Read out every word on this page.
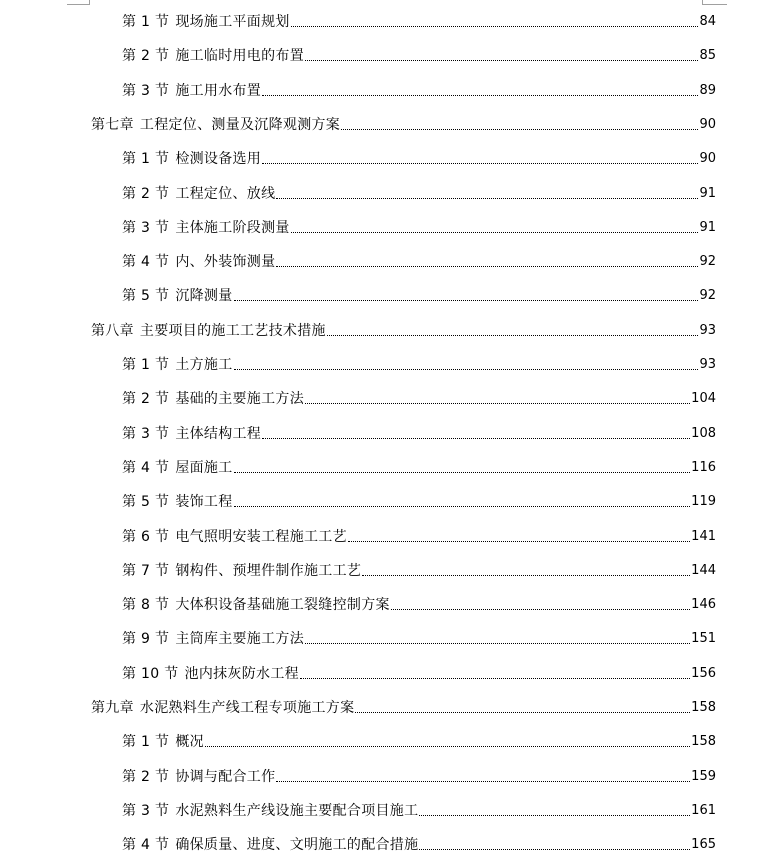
第 1 节 现场施工平面规划	84
第 2 节 施工临时用电的布置	85
第 3 节 施工用水布置	89
第七章 工程定位、测量及沉降观测方案	90
第 1 节 检测设备选用	90
第 2 节 工程定位、放线	91
第 3 节 主体施工阶段测量	91
第 4 节 内、外装饰测量	92
第 5 节 沉降测量	92
第八章 主要项目的施工工艺技术措施	93
第 1 节 土方施工	93
第 2 节 基础的主要施工方法	104
第 3 节 主体结构工程	108
第 4 节 屋面施工	116
第 5 节 装饰工程	119
第 6 节 电气照明安装工程施工工艺	141
第 7 节 钢构件、预埋件制作施工工艺	144
第 8 节 大体积设备基础施工裂缝控制方案	146
第 9 节 主筒库主要施工方法	151
第 10 节 池内抹灰防水工程	156
第九章 水泥熟料生产线工程专项施工方案	158
第 1 节 概况	158
第 2 节 协调与配合工作	159
第 3 节 水泥熟料生产线设施主要配合项目施工	161
第 4 节 确保质量、进度、文明施工的配合措施	165
